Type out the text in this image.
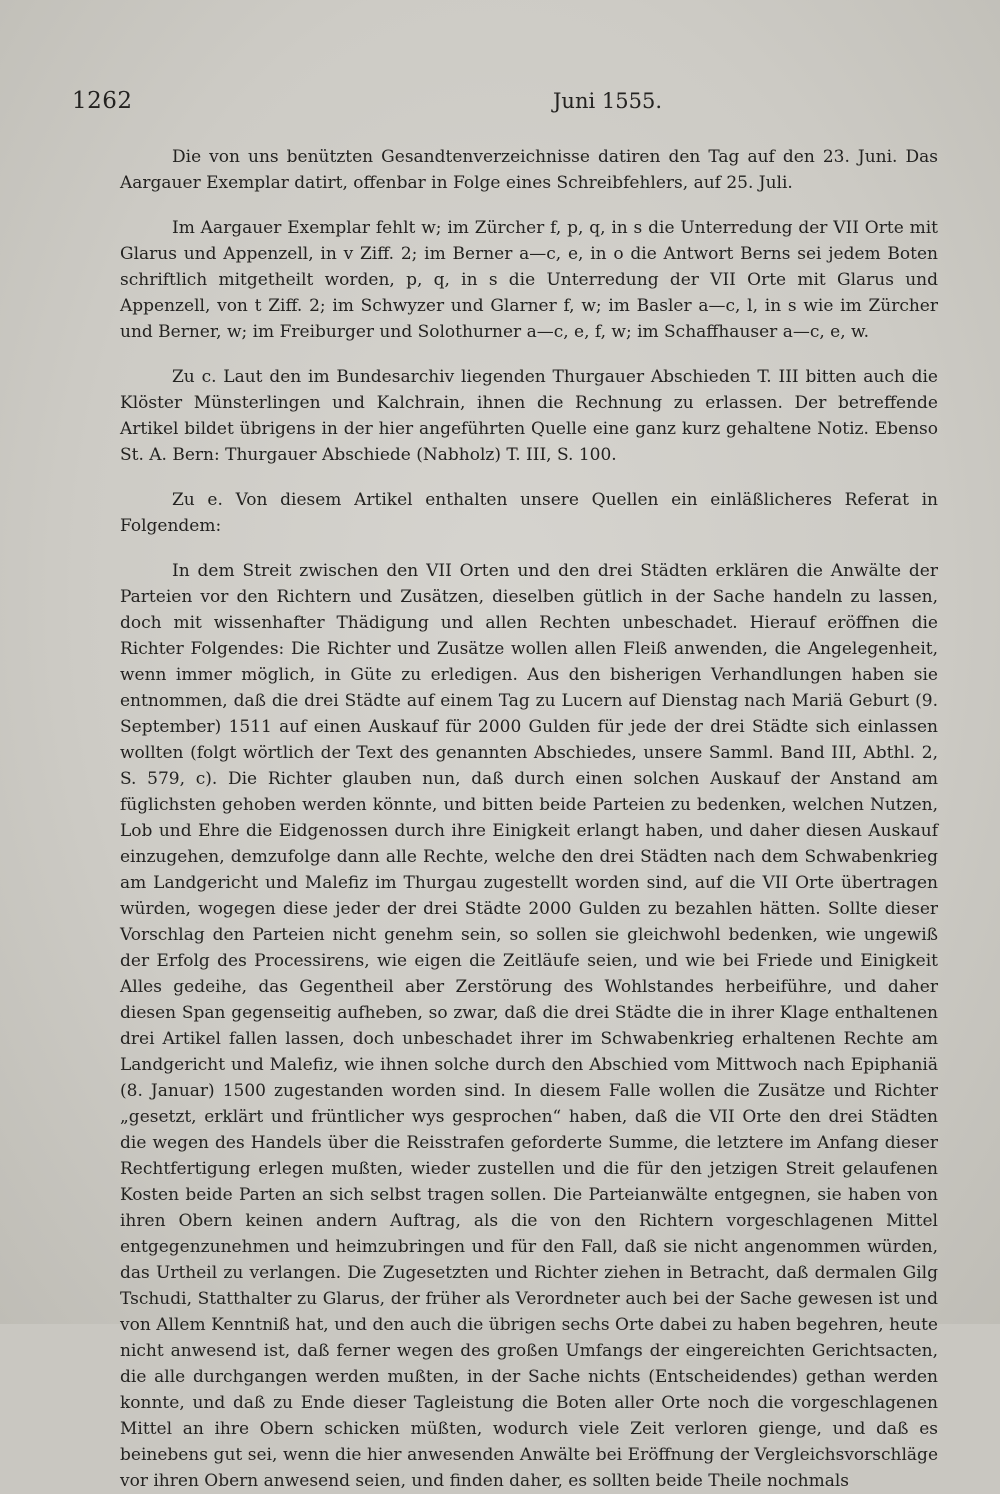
1262	Juni 1555.

Die von uns benützten Gesandtenverzeichnisse datiren den Tag auf den 23. Juni. Das Aargauer Exemplar datirt, offenbar in Folge eines Schreibfehlers, auf 25. Juli.

Im Aargauer Exemplar fehlt w; im Zürcher f, p, q, in s die Unterredung der VII Orte mit Glarus und Appenzell, in v Ziff. 2; im Berner a—c, e, in o die Antwort Berns sei jedem Boten schriftlich mitgetheilt worden, p, q, in s die Unterredung der VII Orte mit Glarus und Appenzell, von t Ziff. 2; im Schwyzer und Glarner f, w; im Basler a—c, l, in s wie im Zürcher und Berner, w; im Freiburger und Solothurner a—c, e, f, w; im Schaffhauser a—c, e, w.

Zu c. Laut den im Bundesarchiv liegenden Thurgauer Abschieden T. III bitten auch die Klöster Münsterlingen und Kalchrain, ihnen die Rechnung zu erlassen. Der betreffende Artikel bildet übrigens in der hier angeführten Quelle eine ganz kurz gehaltene Notiz. Ebenso St. A. Bern: Thurgauer Abschiede (Nabholz) T. III, S. 100.

Zu e. Von diesem Artikel enthalten unsere Quellen ein einläßlicheres Referat in Folgendem:

In dem Streit zwischen den VII Orten und den drei Städten erklären die Anwälte der Parteien vor den Richtern und Zusätzen, dieselben gütlich in der Sache handeln zu lassen, doch mit wissenhafter Thädigung und allen Rechten unbeschadet. Hierauf eröffnen die Richter Folgendes: Die Richter und Zusätze wollen allen Fleiß anwenden, die Angelegenheit, wenn immer möglich, in Güte zu erledigen. Aus den bisherigen Verhandlungen haben sie entnommen, daß die drei Städte auf einem Tag zu Lucern auf Dienstag nach Mariä Geburt (9. September) 1511 auf einen Auskauf für 2000 Gulden für jede der drei Städte sich einlassen wollten (folgt wörtlich der Text des genannten Abschiedes, unsere Samml. Band III, Abthl. 2, S. 579, c). Die Richter glauben nun, daß durch einen solchen Auskauf der Anstand am füglichsten gehoben werden könnte, und bitten beide Parteien zu bedenken, welchen Nutzen, Lob und Ehre die Eidgenossen durch ihre Einigkeit erlangt haben, und daher diesen Auskauf einzugehen, demzufolge dann alle Rechte, welche den drei Städten nach dem Schwabenkrieg am Landgericht und Malefiz im Thurgau zugestellt worden sind, auf die VII Orte übertragen würden, wogegen diese jeder der drei Städte 2000 Gulden zu bezahlen hätten. Sollte dieser Vorschlag den Parteien nicht genehm sein, so sollen sie gleichwohl bedenken, wie ungewiß der Erfolg des Processirens, wie eigen die Zeitläufe seien, und wie bei Friede und Einigkeit Alles gedeihe, das Gegentheil aber Zerstörung des Wohlstandes herbeiführe, und daher diesen Span gegenseitig aufheben, so zwar, daß die drei Städte die in ihrer Klage enthaltenen drei Artikel fallen lassen, doch unbeschadet ihrer im Schwabenkrieg erhaltenen Rechte am Landgericht und Malefiz, wie ihnen solche durch den Abschied vom Mittwoch nach Epiphaniä (8. Januar) 1500 zugestanden worden sind. In diesem Falle wollen die Zusätze und Richter „gesetzt, erklärt und früntlicher wys gesprochen“ haben, daß die VII Orte den drei Städten die wegen des Handels über die Reisstrafen geforderte Summe, die letztere im Anfang dieser Rechtfertigung erlegen mußten, wieder zustellen und die für den jetzigen Streit gelaufenen Kosten beide Parten an sich selbst tragen sollen. Die Parteianwälte entgegnen, sie haben von ihren Obern keinen andern Auftrag, als die von den Richtern vorgeschlagenen Mittel entgegenzunehmen und heimzubringen und für den Fall, daß sie nicht angenommen würden, das Urtheil zu verlangen. Die Zugesetzten und Richter ziehen in Betracht, daß dermalen Gilg Tschudi, Statthalter zu Glarus, der früher als Verordneter auch bei der Sache gewesen ist und von Allem Kenntniß hat, und den auch die übrigen sechs Orte dabei zu haben begehren, heute nicht anwesend ist, daß ferner wegen des großen Umfangs der eingereichten Gerichtsacten, die alle durchgangen werden mußten, in der Sache nichts (Entscheidendes) gethan werden konnte, und daß zu Ende dieser Tagleistung die Boten aller Orte noch die vorgeschlagenen Mittel an ihre Obern schicken müßten, wodurch viele Zeit verloren gienge, und daß es beinebens gut sei, wenn die hier anwesenden Anwälte bei Eröffnung der Vergleichsvorschläge vor ihren Obern anwesend seien, und finden daher, es sollten beide Theile nochmals
